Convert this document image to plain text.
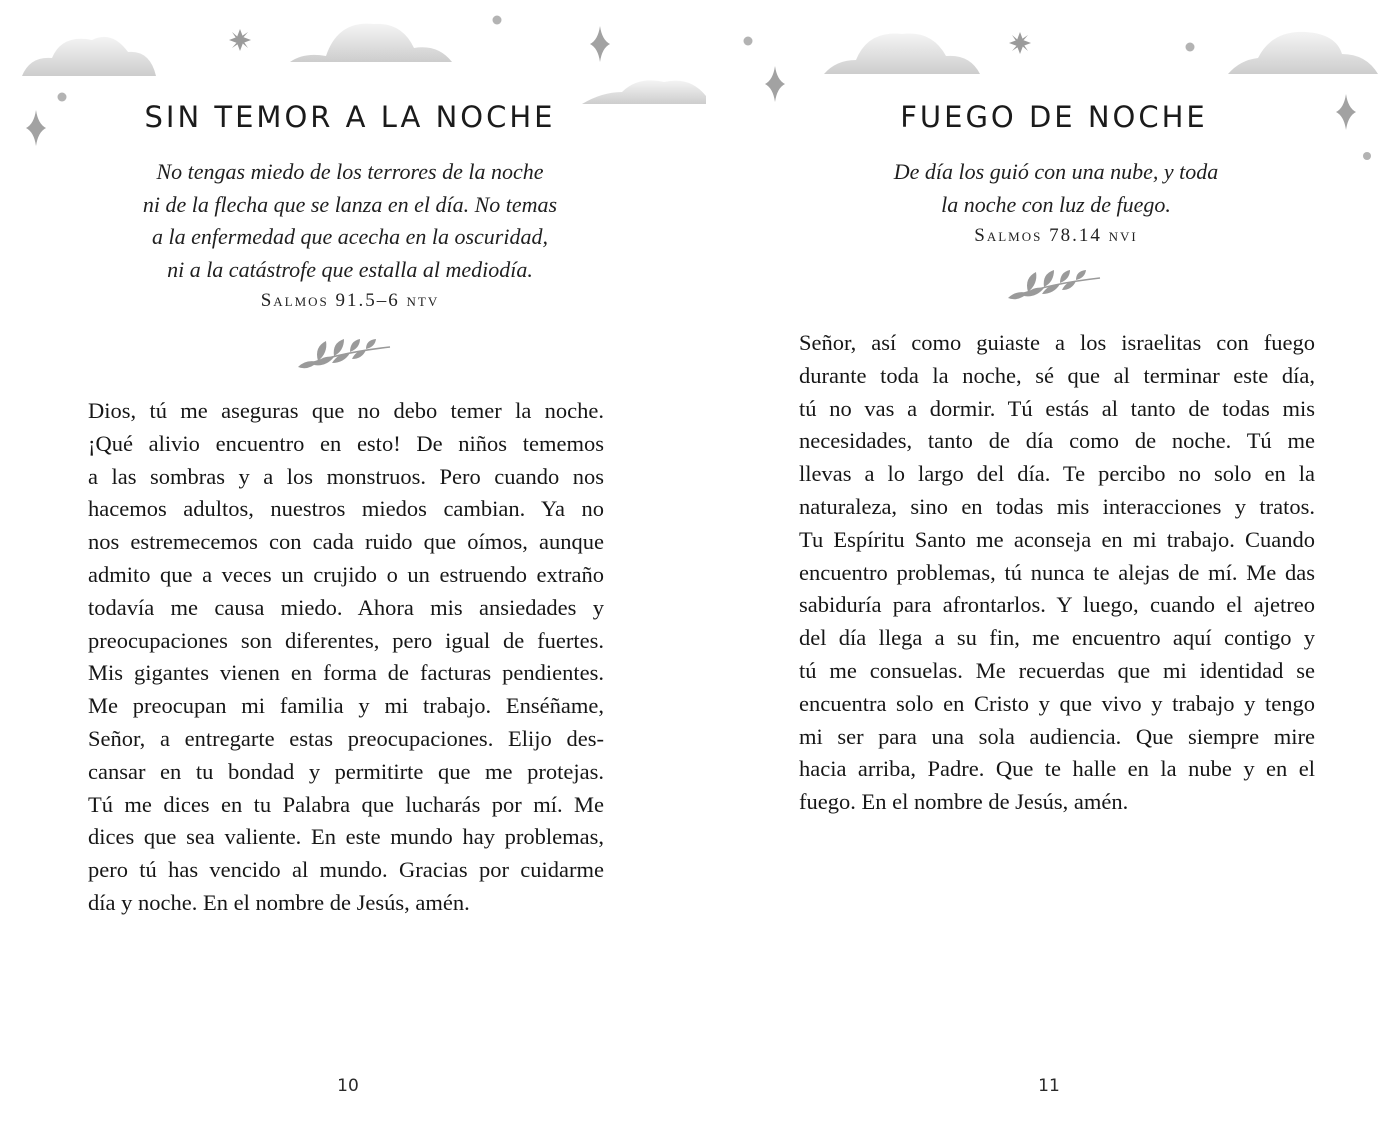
SIN TEMOR A LA NOCHE
No tengas miedo de los terrores de la noche
ni de la flecha que se lanza en el día. No temas
a la enfermedad que acecha en la oscuridad,
ni a la catástrofe que estalla al mediodía.
Salmos 91.5–6 ntv
Dios, tú me aseguras que no debo temer la noche.
¡Qué alivio encuentro en esto! De niños tememos
a las sombras y a los monstruos. Pero cuando nos
hacemos adultos, nuestros miedos cambian. Ya no
nos estremecemos con cada ruido que oímos, aunque
admito que a veces un crujido o un estruendo extraño
todavía me causa miedo. Ahora mis ansiedades y
preocupaciones son diferentes, pero igual de fuertes.
Mis gigantes vienen en forma de facturas pendientes.
Me preocupan mi familia y mi trabajo. Enséñame,
Señor, a entregarte estas preocupaciones. Elijo des-
cansar en tu bondad y permitirte que me protejas.
Tú me dices en tu Palabra que lucharás por mí. Me
dices que sea valiente. En este mundo hay problemas,
pero tú has vencido al mundo. Gracias por cuidarme
día y noche. En el nombre de Jesús, amén.
10
FUEGO DE NOCHE
De día los guió con una nube, y toda
la noche con luz de fuego.
Salmos 78.14 nvi
Señor, así como guiaste a los israelitas con fuego
durante toda la noche, sé que al terminar este día,
tú no vas a dormir. Tú estás al tanto de todas mis
necesidades, tanto de día como de noche. Tú me
llevas a lo largo del día. Te percibo no solo en la
naturaleza, sino en todas mis interacciones y tratos.
Tu Espíritu Santo me aconseja en mi trabajo. Cuando
encuentro problemas, tú nunca te alejas de mí. Me das
sabiduría para afrontarlos. Y luego, cuando el ajetreo
del día llega a su fin, me encuentro aquí contigo y
tú me consuelas. Me recuerdas que mi identidad se
encuentra solo en Cristo y que vivo y trabajo y tengo
mi ser para una sola audiencia. Que siempre mire
hacia arriba, Padre. Que te halle en la nube y en el
fuego. En el nombre de Jesús, amén.
11
